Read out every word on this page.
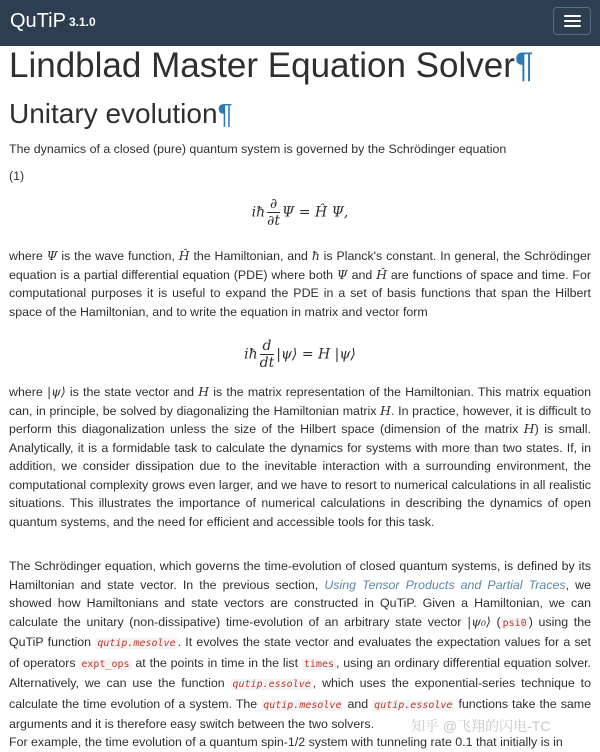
QuTiP 3.1.0
Lindblad Master Equation Solver¶
Unitary evolution¶

The dynamics of a closed (pure) quantum system is governed by the Schrödinger equation

(1)

iħ $\frac{\partial}{\partial t}$ Ψ = Ĥ Ψ,

where Ψ is the wave function, Ĥ the Hamiltonian, and ħ is Planck's constant. In general, the Schrödinger equation is a partial differential equation (PDE) where both Ψ and Ĥ are functions of space and time. For computational purposes it is useful to expand the PDE in a set of basis functions that span the Hilbert space of the Hamiltonian, and to write the equation in matrix and vector form

iħ $\frac{d}{dt}$ |ψ⟩ = H |ψ⟩

where |ψ⟩ is the state vector and H is the matrix representation of the Hamiltonian. This matrix equation can, in principle, be solved by diagonalizing the Hamiltonian matrix H. In practice, however, it is difficult to perform this diagonalization unless the size of the Hilbert space (dimension of the matrix H) is small. Analytically, it is a formidable task to calculate the dynamics for systems with more than two states. If, in addition, we consider dissipation due to the inevitable interaction with a surrounding environment, the computational complexity grows even larger, and we have to resort to numerical calculations in all realistic situations. This illustrates the importance of numerical calculations in describing the dynamics of open quantum systems, and the need for efficient and accessible tools for this task.

The Schrödinger equation, which governs the time-evolution of closed quantum systems, is defined by its Hamiltonian and state vector. In the previous section, Using Tensor Products and Partial Traces, we showed how Hamiltonians and state vectors are constructed in QuTiP. Given a Hamiltonian, we can calculate the unitary (non-dissipative) time-evolution of an arbitrary state vector |ψ₀⟩ ( psi0 ) using the QuTiP function qutip.mesolve . It evolves the state vector and evaluates the expectation values for a set of operators expt_ops at the points in time in the list times , using an ordinary differential equation solver. Alternatively, we can use the function qutip.essolve , which uses the exponential-series technique to calculate the time evolution of a system. The qutip.mesolve and qutip.essolve functions take the same arguments and it is therefore easy switch between the two solvers.

For example, the time evolution of a quantum spin-1/2 system with tunneling rate 0.1 that initially is in

知乎 @飞翔的闪电-TC
